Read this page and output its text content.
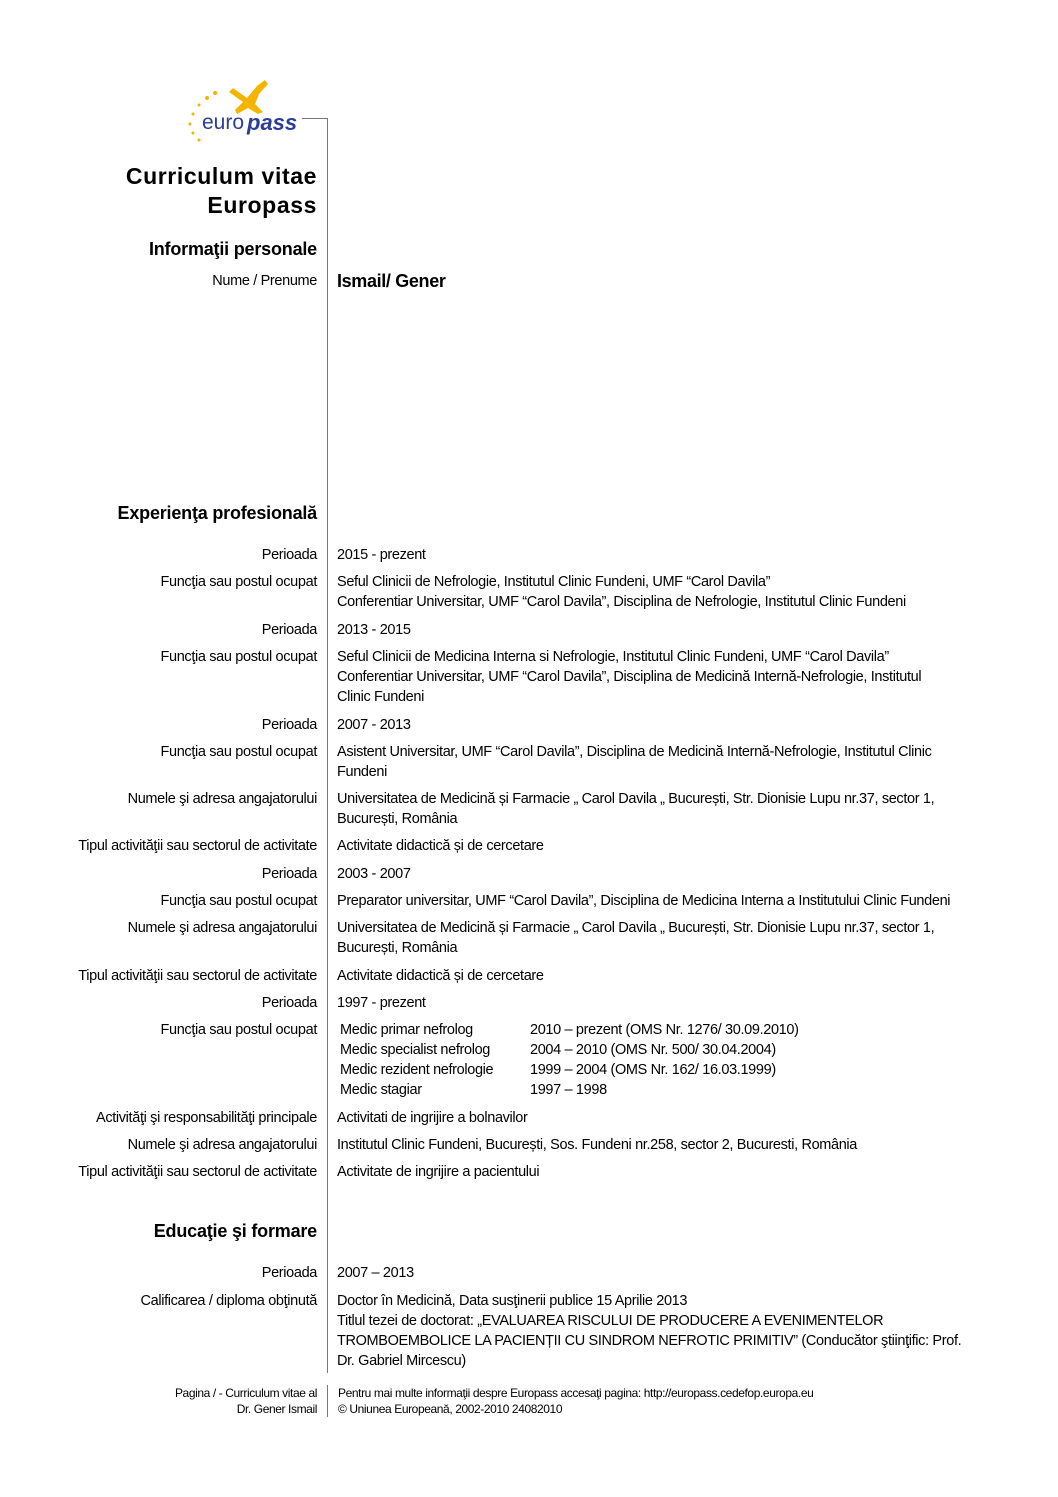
euro pass
Curriculum vitae
Europass
Informaţii personale
Nume / Prenume Ismail/ Gener
Experienţa profesională
Educaţie şi formare
Perioada 2015 - prezent
Funcţia sau postul ocupat Seful Clinicii de Nefrologie, Institutul Clinic Fundeni, UMF “Carol Davila”
Conferentiar Universitar, UMF “Carol Davila”, Disciplina de Nefrologie, Institutul Clinic Fundeni
Perioada 2013 - 2015
Funcţia sau postul ocupat Seful Clinicii de Medicina Interna si Nefrologie, Institutul Clinic Fundeni, UMF “Carol Davila”
Conferentiar Universitar, UMF “Carol Davila”, Disciplina de Medicină Internă-Nefrologie, Institutul
Clinic Fundeni
Perioada 2007 - 2013
Funcţia sau postul ocupat Asistent Universitar, UMF “Carol Davila”, Disciplina de Medicină Internă-Nefrologie, Institutul Clinic
Fundeni
Numele şi adresa angajatorului Universitatea de Medicină și Farmacie „ Carol Davila „ București, Str. Dionisie Lupu nr.37, sector 1,
București, România
Tipul activităţii sau sectorul de activitate Activitate didactică și de cercetare
Perioada 2003 - 2007
Funcţia sau postul ocupat Preparator universitar, UMF “Carol Davila”, Disciplina de Medicina Interna a Institutului Clinic Fundeni
Numele şi adresa angajatorului Universitatea de Medicină și Farmacie „ Carol Davila „ București, Str. Dionisie Lupu nr.37, sector 1,
București, România
Tipul activităţii sau sectorul de activitate Activitate didactică și de cercetare
Perioada 1997 - prezent
Funcţia sau postul ocupat Medic primar nefrolog	2010 – prezent (OMS Nr. 1276/ 30.09.2010)
Medic specialist nefrolog	2004 – 2010 (OMS Nr. 500/ 30.04.2004)
Medic rezident nefrologie	1999 – 2004 (OMS Nr. 162/ 16.03.1999)
Medic stagiar	1997 – 1998
Activităţi şi responsabilităţi principale Activitati de ingrijire a bolnavilor
Numele şi adresa angajatorului Institutul Clinic Fundeni, București, Sos. Fundeni nr.258, sector 2, Bucuresti, România
Tipul activităţii sau sectorul de activitate Activitate de ingrijire a pacientului
Perioada 2007 – 2013
Calificarea / diploma obţinută Doctor în Medicină, Data susţinerii publice 15 Aprilie 2013
Titlul tezei de doctorat: „EVALUAREA RISCULUI DE PRODUCERE A EVENIMENTELOR
TROMBOEMBOLICE LA PACIENȚII CU SINDROM NEFROTIC PRIMITIV” (Conducător ştiinţific: Prof.
Dr. Gabriel Mircescu)
Pagina / - Curriculum vitae al
Dr. Gener Ismail
Pentru mai multe informaţii despre Europass accesaţi pagina: http://europass.cedefop.europa.eu
© Uniunea Europeană, 2002-2010 24082010
